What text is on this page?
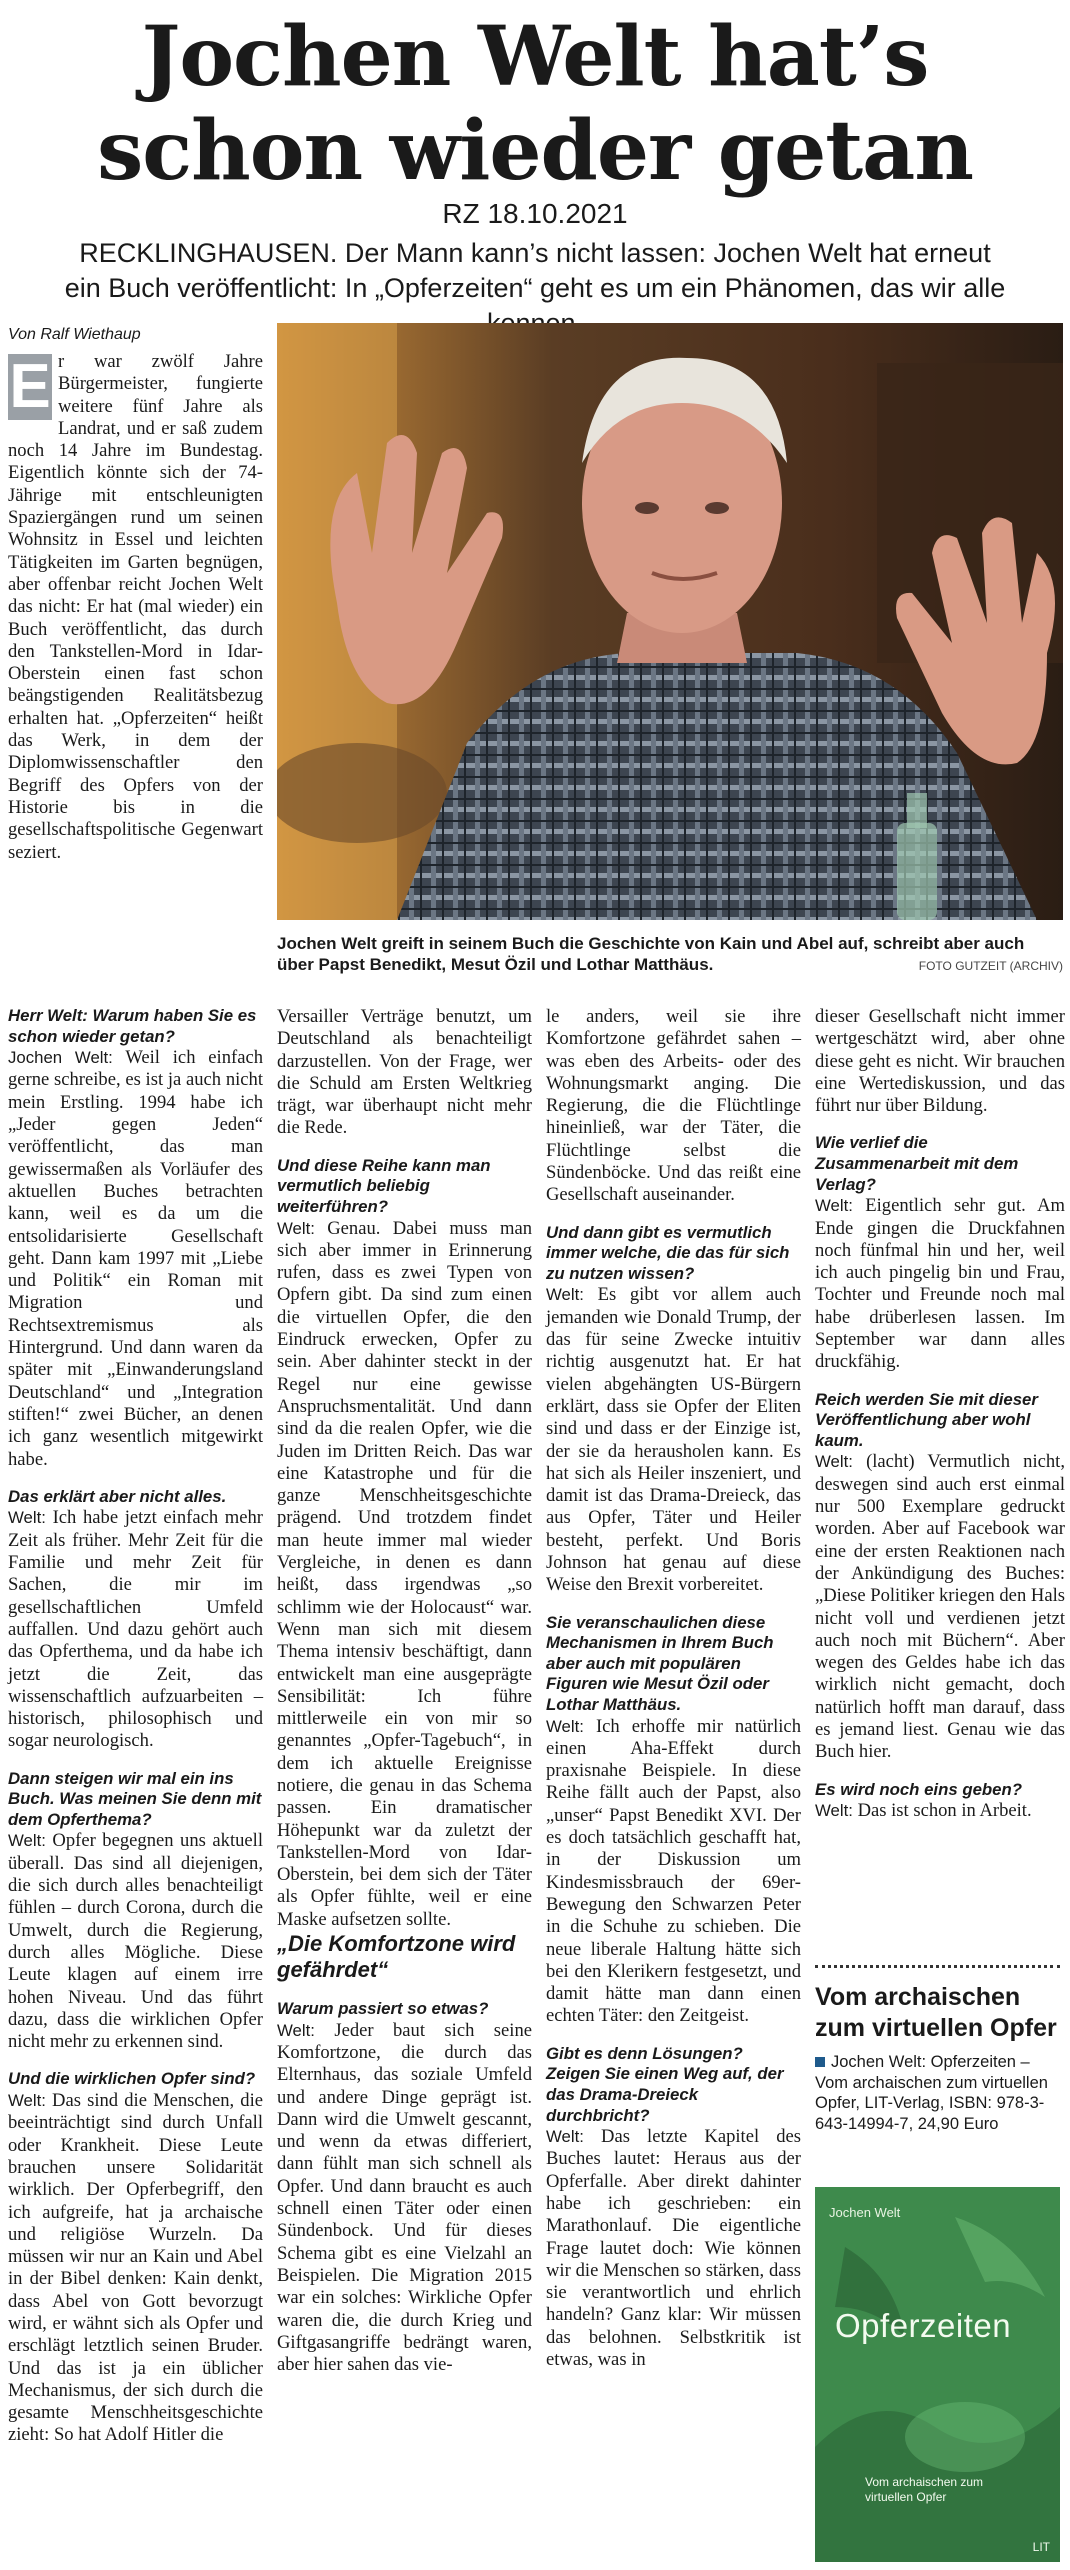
Jochen Welt hat’s
schon wieder getan
RZ 18.10.2021
RECKLINGHAUSEN. Der Mann kann’s nicht lassen: Jochen Welt hat erneut ein Buch veröffentlicht: In „Opferzeiten“ geht es um ein Phänomen, das wir alle

Von Ralf Wiethaup

E r war zwölf Jahre Bürgermeister, fungierte weitere fünf Jahre als Landrat, und er saß zudem noch 14 Jahre im Bundestag. Eigentlich könnte sich der 74-Jährige mit entschleunigten Spaziergängen rund um seinen Wohnsitz in Essel und leichten Tätigkeiten im Garten begnügen, aber offenbar reicht Jochen Welt das nicht: Er hat (mal wieder) ein Buch veröffentlicht, das durch den Tankstellen-Mord in Idar-Oberstein einen fast schon beängstigenden Realitätsbezug erhalten hat. „Opferzeiten“ heißt das Werk, in dem der Diplomwissenschaftler den Begriff des Opfers von der Historie bis in die gesellschaftspolitische Gegenwart seziert.

Jochen Welt greift in seinem Buch die Geschichte von Kain und Abel auf, schreibt aber auch über Papst Benedikt, Mesut Özil und Lothar Matthäus.	FOTO GUTZEIT (ARCHIV)

Herr Welt: Warum haben Sie es schon wieder getan?

Jochen Welt: Weil ich einfach gerne schreibe, es ist ja auch nicht mein Erstling. 1994 habe ich „Jeder gegen Jeden“ veröffentlicht, das man gewissermaßen als Vorläufer des aktuellen Buches betrachten kann, weil es da um die entsolidarisierte Gesellschaft geht. Dann kam 1997 mit „Liebe und Politik“ ein Roman mit Migration und Rechtsextremismus als Hintergrund. Und dann waren da später mit „Einwanderungsland Deutschland“ und „Integration stiften!“ zwei Bücher, an denen ich ganz wesentlich mitgewirkt habe.

Das erklärt aber nicht alles.

Welt: Ich habe jetzt einfach mehr Zeit als früher. Mehr Zeit für die Familie und mehr Zeit für Sachen, die mir im gesellschaftlichen Umfeld auffallen. Und dazu gehört auch das Opferthema, und da habe ich jetzt die Zeit, das wissenschaftlich aufzuarbeiten – historisch, philosophisch und sogar neurologisch.

Dann steigen wir mal ein ins Buch. Was meinen Sie denn mit dem Opferthema?

Welt: Opfer begegnen uns aktuell überall. Das sind all diejenigen, die sich durch alles benachteiligt fühlen – durch Corona, durch die Umwelt, durch die Regierung, durch alles Mögliche. Diese Leute klagen auf einem irre hohen Niveau. Und das führt dazu, dass die wirklichen Opfer nicht mehr zu erkennen sind.

Und die wirklichen Opfer sind?

Welt: Das sind die Menschen, die beeinträchtigt sind durch Unfall oder Krankheit. Diese Leute brauchen unsere Solidarität wirklich. Der Opferbegriff, den ich aufgreife, hat ja archaische und religiöse Wurzeln. Da müssen wir nur an Kain und Abel in der Bibel denken: Kain denkt, dass Abel von Gott bevorzugt wird, er wähnt sich als Opfer und erschlägt letztlich seinen Bruder. Und das ist ja ein üblicher Mechanismus, der sich durch die gesamte Menschheitsgeschichte zieht: So hat Adolf Hitler die

Versailler Verträge benutzt, um Deutschland als benachteiligt darzustellen. Von der Frage, wer die Schuld am Ersten Weltkrieg trägt, war überhaupt nicht mehr die Rede.

Und diese Reihe kann man vermutlich beliebig weiterführen?

Welt: Genau. Dabei muss man sich aber immer in Erinnerung rufen, dass es zwei Typen von Opfern gibt. Da sind zum einen die virtuellen Opfer, die den Eindruck erwecken, Opfer zu sein. Aber dahinter steckt in der Regel nur eine gewisse Anspruchsmentalität. Und dann sind da die realen Opfer, wie die Juden im Dritten Reich. Das war eine Katastrophe und für die ganze Menschheitsgeschichte prägend. Und trotzdem findet man heute immer mal wieder Vergleiche, in denen es dann heißt, dass irgendwas „so schlimm wie der Holocaust“ war. Wenn man sich mit diesem Thema intensiv beschäftigt, dann entwickelt man eine ausgeprägte Sensibilität: Ich führe mittlerweile ein von mir so genanntes „Opfer-Tagebuch“, in dem ich aktuelle Ereignisse notiere, die genau in das Schema passen. Ein dramatischer Höhepunkt war da zuletzt der Tankstellen-Mord von Idar-Oberstein, bei dem sich der Täter als Opfer fühlte, weil er eine Maske aufsetzen sollte.

„Die Komfortzone wird gefährdet“

Warum passiert so etwas?

Welt: Jeder baut sich seine Komfortzone, die durch das Elternhaus, das soziale Umfeld und andere Dinge geprägt ist. Dann wird die Umwelt gescannt, und wenn da etwas differiert, dann fühlt man sich schnell als Opfer. Und dann braucht es auch schnell einen Täter oder einen Sündenbock. Und für dieses Schema gibt es eine Vielzahl an Beispielen. Die Migration 2015 war ein solches: Wirkliche Opfer waren die, die durch Krieg und Giftgasangriffe bedrängt waren, aber hier sahen das vie-

le anders, weil sie ihre Komfortzone gefährdet sahen – was eben des Arbeits- oder des Wohnungsmarkt anging. Die Regierung, die die Flüchtlinge hineinließ, war der Täter, die Flüchtlinge selbst die Sündenböcke. Und das reißt eine Gesellschaft auseinander.

Und dann gibt es vermutlich immer welche, die das für sich zu nutzen wissen?

Welt: Es gibt vor allem auch jemanden wie Donald Trump, der das für seine Zwecke intuitiv richtig ausgenutzt hat. Er hat vielen abgehängten US-Bürgern erklärt, dass sie Opfer der Eliten sind und dass er der Einzige ist, der sie da herausholen kann. Es hat sich als Heiler inszeniert, und damit ist das Drama-Dreieck, das aus Opfer, Täter und Heiler besteht, perfekt. Und Boris Johnson hat genau auf diese Weise den Brexit vorbereitet.

Sie veranschaulichen diese Mechanismen in Ihrem Buch aber auch mit populären Figuren wie Mesut Özil oder Lothar Matthäus.

Welt: Ich erhoffe mir natürlich einen Aha-Effekt durch praxisnahe Beispiele. In diese Reihe fällt auch der Papst, also „unser“ Papst Benedikt XVI. Der es doch tatsächlich geschafft hat, in der Diskussion um Kindesmissbrauch der 69er-Bewegung den Schwarzen Peter in die Schuhe zu schieben. Die neue liberale Haltung hätte sich bei den Klerikern festgesetzt, und damit hätte man dann einen echten Täter: den Zeitgeist.

Gibt es denn Lösungen? Zeigen Sie einen Weg auf, der das Drama-Dreieck durchbricht?

Welt: Das letzte Kapitel des Buches lautet: Heraus aus der Opferfalle. Aber direkt dahinter habe ich geschrieben: ein Marathonlauf. Die eigentliche Frage lautet doch: Wie können wir die Menschen so stärken, dass sie verantwortlich und ehrlich handeln? Ganz klar: Wir müssen das belohnen. Selbstkritik ist etwas, was in

dieser Gesellschaft nicht immer wertgeschätzt wird, aber ohne diese geht es nicht. Wir brauchen eine Wertediskussion, und das führt nur über Bildung.

Wie verlief die Zusammenarbeit mit dem Verlag?

Welt: Eigentlich sehr gut. Am Ende gingen die Druckfahnen noch fünfmal hin und her, weil ich auch pingelig bin und Frau, Tochter und Freunde noch mal habe drüberlesen lassen. Im September war dann alles druckfähig.

Reich werden Sie mit dieser Veröffentlichung aber wohl kaum.

Welt: (lacht) Vermutlich nicht, deswegen sind auch erst einmal nur 500 Exemplare gedruckt worden. Aber auf Facebook war eine der ersten Reaktionen nach der Ankündigung des Buches: „Diese Politiker kriegen den Hals nicht voll und verdienen jetzt auch noch mit Büchern“. Aber wegen des Geldes habe ich das wirklich nicht gemacht, doch natürlich hofft man darauf, dass es jemand liest. Genau wie das Buch hier.

Es wird noch eins geben?

Welt: Das ist schon in Arbeit.

Vom archaischen zum virtuellen Opfer
Jochen Welt: Opferzeiten – Vom archaischen zum virtuellen Opfer, LIT-Verlag, ISBN: 978-3-643-14994-7, 24,90 Euro
Jochen Welt
Opferzeiten
Vom archaischen zum virtuellen Opfer
LIT
